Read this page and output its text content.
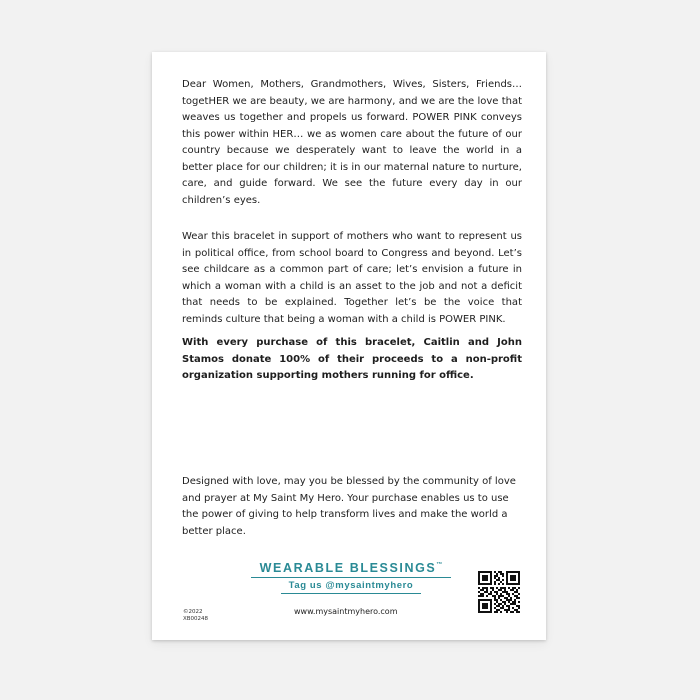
Dear Women, Mothers, Grandmothers, Wives, Sisters, Friends… togetHER we are beauty, we are harmony, and we are the love that weaves us together and propels us forward. POWER PINK conveys this power within HER… we as women care about the future of our country because we desperately want to leave the world in a better place for our children; it is in our maternal nature to nurture, care, and guide forward. We see the future every day in our children’s eyes.

Wear this bracelet in support of mothers who want to represent us in political office, from school board to Congress and beyond. Let’s see childcare as a common part of care; let’s envision a future in which a woman with a child is an asset to the job and not a deficit that needs to be explained. Together let’s be the voice that reminds culture that being a woman with a child is POWER PINK.

With every purchase of this bracelet, Caitlin and John Stamos donate 100% of their proceeds to a non-profit organization supporting mothers running for office.

Designed with love, may you be blessed by the community of love and prayer at My Saint My Hero. Your purchase enables us to use the power of giving to help transform lives and make the world a better place.

WEARABLE BLESSINGS™
Tag us @mysaintmyhero
©2022
XB00248
www.mysaintmyhero.com
